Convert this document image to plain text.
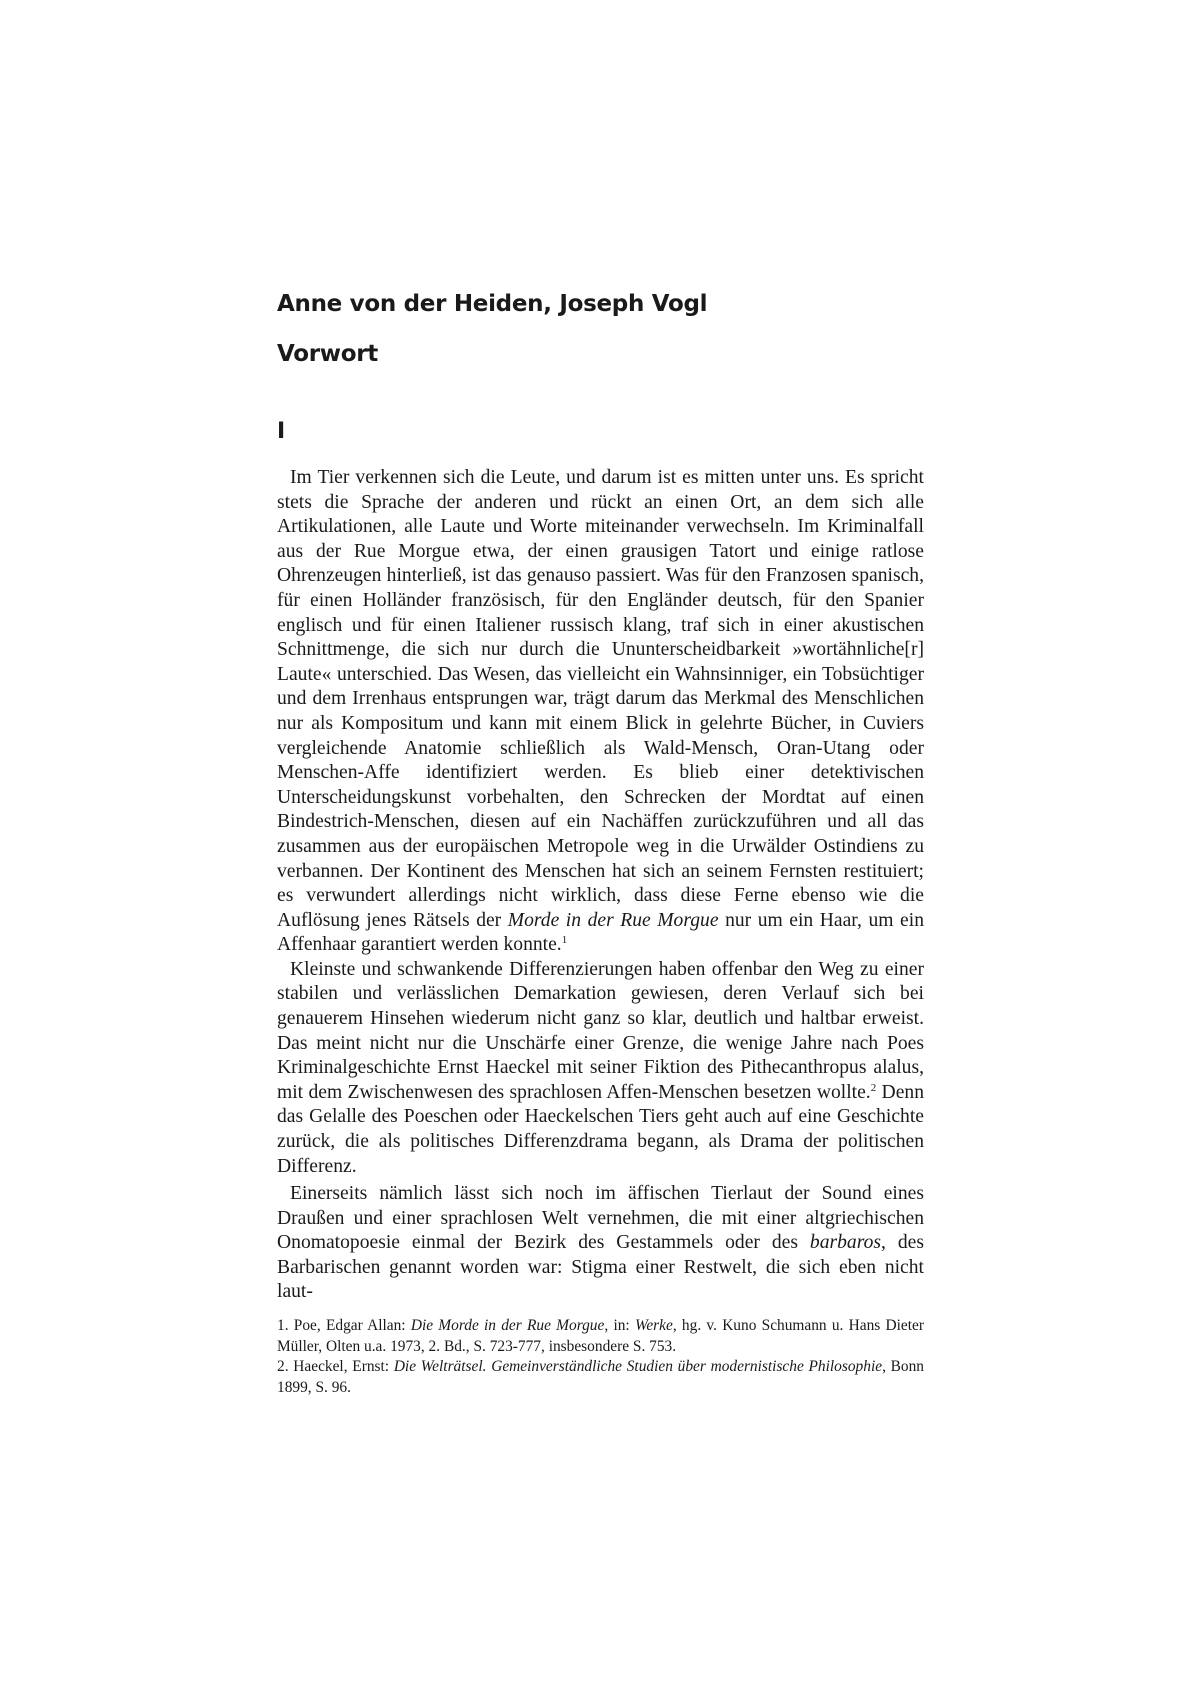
Anne von der Heiden, Joseph Vogl
Vorwort
I

Im Tier verkennen sich die Leute, und darum ist es mitten unter uns. Es spricht stets die Sprache der anderen und rückt an einen Ort, an dem sich alle Artikulationen, alle Laute und Worte miteinander verwechseln. Im Kriminalfall aus der Rue Morgue etwa, der einen grausigen Tatort und einige ratlose Ohrenzeugen hinterließ, ist das genauso passiert. Was für den Franzosen spanisch, für einen Holländer französisch, für den Engländer deutsch, für den Spanier englisch und für einen Italiener russisch klang, traf sich in einer akustischen Schnittmenge, die sich nur durch die Ununterscheidbarkeit »wortähnliche[r] Laute« unterschied. Das Wesen, das vielleicht ein Wahnsinniger, ein Tobsüchtiger und dem Irrenhaus entsprungen war, trägt darum das Merkmal des Menschlichen nur als Kompositum und kann mit einem Blick in gelehrte Bücher, in Cuviers vergleichende Anatomie schließlich als Wald-Mensch, Oran-Utang oder Menschen-Affe identifiziert werden. Es blieb einer detektivischen Unterscheidungskunst vorbehalten, den Schrecken der Mordtat auf einen Bindestrich-Menschen, diesen auf ein Nachäffen zurückzuführen und all das zusammen aus der europäischen Metropole weg in die Urwälder Ostindiens zu verbannen. Der Kontinent des Menschen hat sich an seinem Fernsten restituiert; es verwundert allerdings nicht wirklich, dass diese Ferne ebenso wie die Auflösung jenes Rätsels der Morde in der Rue Morgue nur um ein Haar, um ein Affenhaar garantiert werden konnte.$^1$

Kleinste und schwankende Differenzierungen haben offenbar den Weg zu einer stabilen und verlässlichen Demarkation gewiesen, deren Verlauf sich bei genauerem Hinsehen wiederum nicht ganz so klar, deutlich und haltbar erweist. Das meint nicht nur die Unschärfe einer Grenze, die wenige Jahre nach Poes Kriminalgeschichte Ernst Haeckel mit seiner Fiktion des Pithecanthropus alalus, mit dem Zwischenwesen des sprachlosen Affen-Menschen besetzen wollte.$^2$ Denn das Gelalle des Poeschen oder Haeckelschen Tiers geht auch auf eine Geschichte zurück, die als politisches Differenzdrama begann, als Drama der politischen Differenz.

Einerseits nämlich lässt sich noch im äffischen Tierlaut der Sound eines Draußen und einer sprachlosen Welt vernehmen, die mit einer altgriechischen Onomatopoesie einmal der Bezirk des Gestammels oder des barbaros, des Barbarischen genannt worden war: Stigma einer Restwelt, die sich eben nicht laut-

1. Poe, Edgar Allan: Die Morde in der Rue Morgue, in: Werke, hg. v. Kuno Schumann u. Hans Dieter Müller, Olten u.a. 1973, 2. Bd., S. 723-777, insbesondere S. 753.

2. Haeckel, Ernst: Die Welträtsel. Gemeinverständliche Studien über modernistische Philosophie, Bonn 1899, S. 96.
